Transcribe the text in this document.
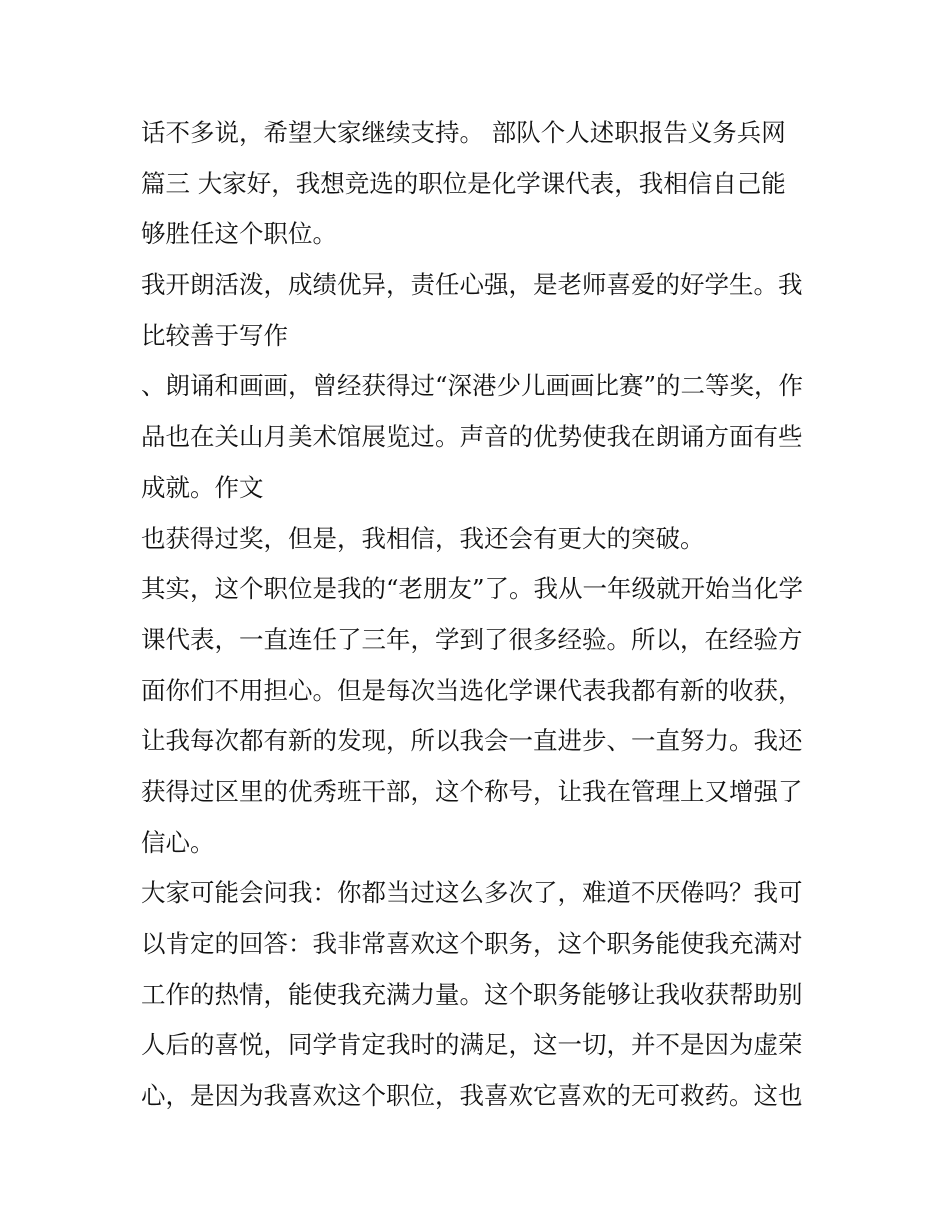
话不多说，希望大家继续支持。 部队个人述职报告义务兵网
篇三 大家好，我想竞选的职位是化学课代表，我相信自己能
够胜任这个职位。
我开朗活泼，成绩优异，责任心强，是老师喜爱的好学生。我
比较善于写作
、朗诵和画画，曾经获得过“深港少儿画画比赛”的二等奖，作
品也在关山月美术馆展览过。声音的优势使我在朗诵方面有些
成就。作文
也获得过奖，但是，我相信，我还会有更大的突破。
其实，这个职位是我的“老朋友”了。我从一年级就开始当化学
课代表，一直连任了三年，学到了很多经验。所以，在经验方
面你们不用担心。但是每次当选化学课代表我都有新的收获，
让我每次都有新的发现，所以我会一直进步、一直努力。我还
获得过区里的优秀班干部，这个称号，让我在管理上又增强了
信心。
大家可能会问我：你都当过这么多次了，难道不厌倦吗？我可
以肯定的回答：我非常喜欢这个职务，这个职务能使我充满对
工作的热情，能使我充满力量。这个职务能够让我收获帮助别
人后的喜悦，同学肯定我时的满足，这一切，并不是因为虚荣
心，是因为我喜欢这个职位，我喜欢它喜欢的无可救药。这也
